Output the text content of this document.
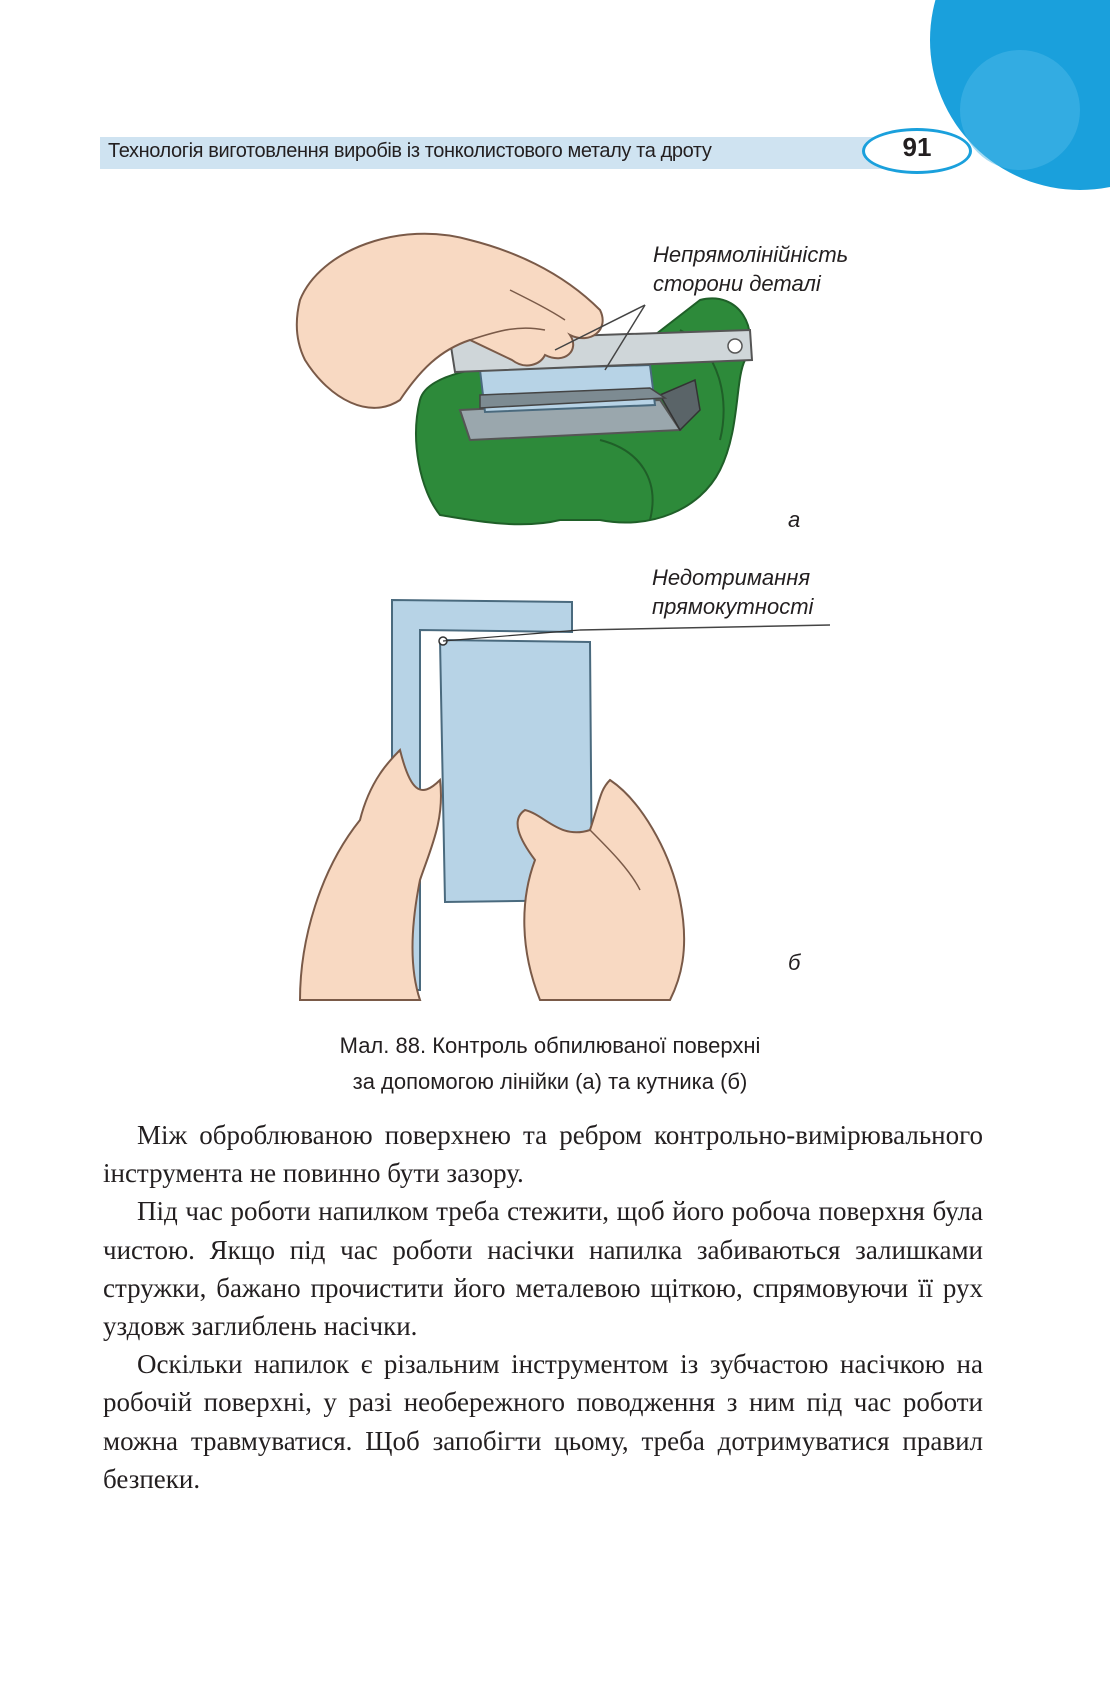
Технологія виготовлення виробів із тонколистового металу та дроту	91
Непрямолінійність
сторони деталі
а
Недотримання
прямокутності
б
Мал. 88. Контроль обпилюваної поверхні
за допомогою лінійки (а) та кутника (б)

Між оброблюваною поверхнею та ребром контрольно-вимірювального інструмента не повинно бути зазору.

Під час роботи напилком треба стежити, щоб його робоча поверхня була чистою. Якщо під час роботи насічки напилка забиваються залишками стружки, бажано прочистити його металевою щіткою, спрямовуючи її рух уздовж заглиблень насічки.

Оскільки напилок є різальним інструментом із зубчастою насічкою на робочій поверхні, у разі необережного поводження з ним під час роботи можна травмуватися. Щоб запобігти цьому, треба дотримуватися правил безпеки.
